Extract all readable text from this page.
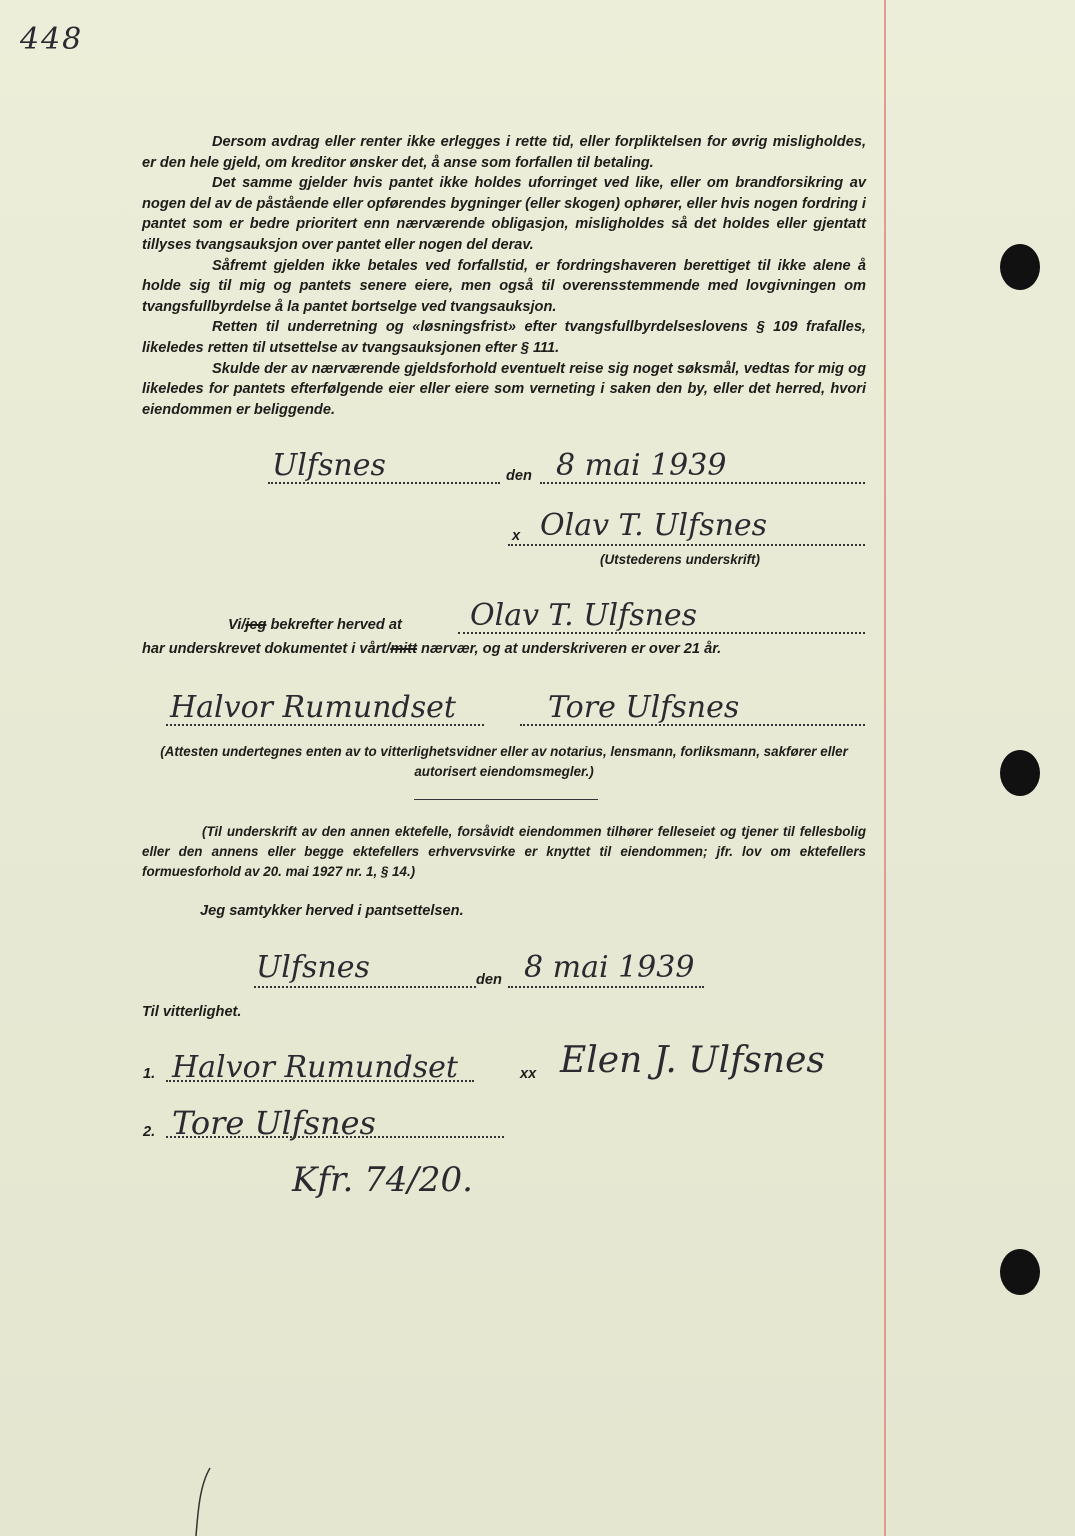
448

Dersom avdrag eller renter ikke erlegges i rette tid, eller forpliktelsen for øvrig misligholdes, er den hele gjeld, om kreditor ønsker det, å anse som forfallen til betaling.

Det samme gjelder hvis pantet ikke holdes uforringet ved like, eller om brandforsikring av nogen del av de påstående eller opførendes bygninger (eller skogen) ophører, eller hvis nogen fordring i pantet som er bedre prioritert enn nærværende obligasjon, misligholdes så det holdes eller gjentatt tillyses tvangsauksjon over pantet eller nogen del derav.

Såfremt gjelden ikke betales ved forfallstid, er fordringshaveren berettiget til ikke alene å holde sig til mig og pantets senere eiere, men også til overensstemmende med lovgivningen om tvangsfullbyrdelse å la pantet bortselge ved tvangsauksjon.

Retten til underretning og «løsningsfrist» efter tvangsfullbyrdelseslovens § 109 frafalles, likeledes retten til utsettelse av tvangsauksjonen efter § 111.

Skulde der av nærværende gjeldsforhold eventuelt reise sig noget søksmål, vedtas for mig og likeledes for pantets efterfølgende eier eller eiere som verneting i saken den by, eller det herred, hvori eiendommen er beliggende.

Ulfsnes	den 8 mai 1939
x Olav T. Ulfsnes
(Utstederens underskrift)
Vi/jeg bekrefter herved at Olav T. Ulfsnes
har underskrevet dokumentet i vårt/mitt nærvær, og at underskriveren er over 21 år.
Halvor Rumundset	Tore Ulfsnes
(Attesten undertegnes enten av to vitterlighetsvidner eller av notarius, lensmann, forliksmann, sakfører eller autorisert eiendomsmegler.)
(Til underskrift av den annen ektefelle, forsåvidt eiendommen tilhører felleseiet og tjener til fellesbolig eller den annens eller begge ektefellers erhvervsvirke er knyttet til eiendommen; jfr. lov om ektefellers formuesforhold av 20. mai 1927 nr. 1, § 14.)
Jeg samtykker herved i pantsettelsen.
Ulfsnes	den 8 mai 1939
Til vitterlighet.
1. Halvor Rumundset	xx Elen J. Ulfsnes
2. Tore Ulfsnes
Kfr. 74/20.
